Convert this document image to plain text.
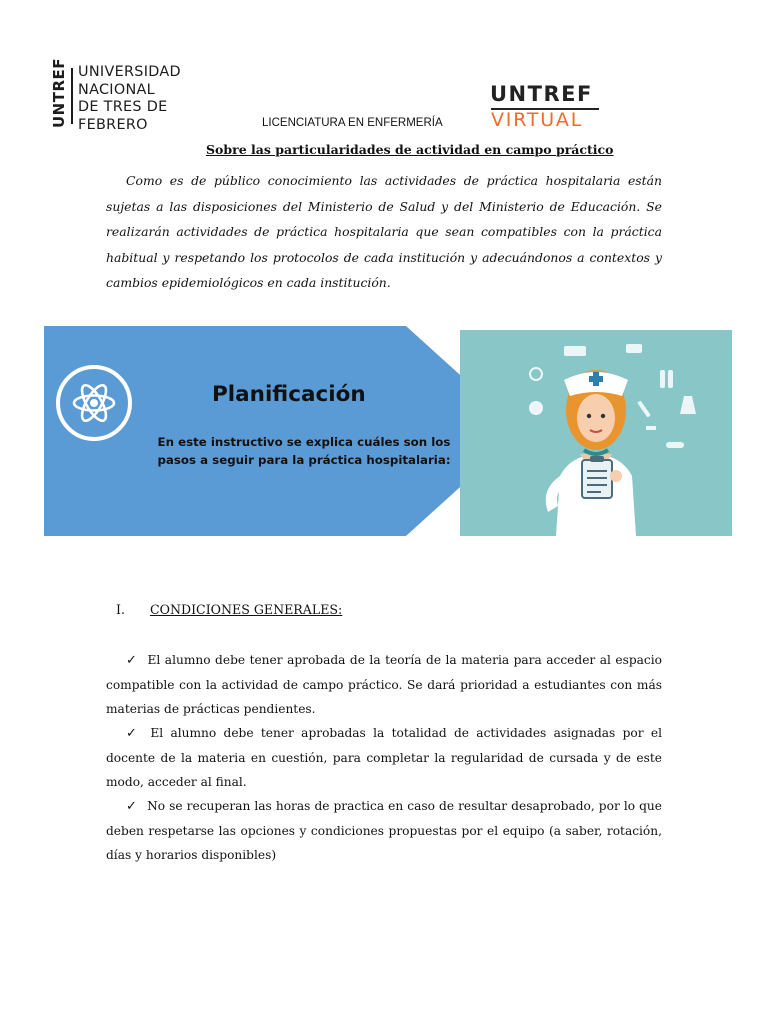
UNTREF UNIVERSIDAD
NACIONAL
DE TRES DE FEBRERO
UNTREF
VIRTUAL
LICENCIATURA EN ENFERMERÍA
Sobre las particularidades de actividad en campo práctico

Como es de público conocimiento las actividades de práctica hospitalaria están sujetas a las disposiciones del Ministerio de Salud y del Ministerio de Educación. Se realizarán actividades de práctica hospitalaria que sean compatibles con la práctica habitual y respetando los protocolos de cada institución y adecuándonos a contextos y cambios epidemiológicos en cada institución.

Planificación
En este instructivo se explica cuáles son los pasos a seguir para la práctica hospitalaria:
I. CONDICIONES GENERALES:

✓ El alumno debe tener aprobada de la teoría de la materia para acceder al espacio compatible con la actividad de campo práctico. Se dará prioridad a estudiantes con más materias de prácticas pendientes.

✓ El alumno debe tener aprobadas la totalidad de actividades asignadas por el docente de la materia en cuestión, para completar la regularidad de cursada y de este modo, acceder al final.

✓ No se recuperan las horas de practica en caso de resultar desaprobado, por lo que deben respetarse las opciones y condiciones propuestas por el equipo (a saber, rotación, días y horarios disponibles)
